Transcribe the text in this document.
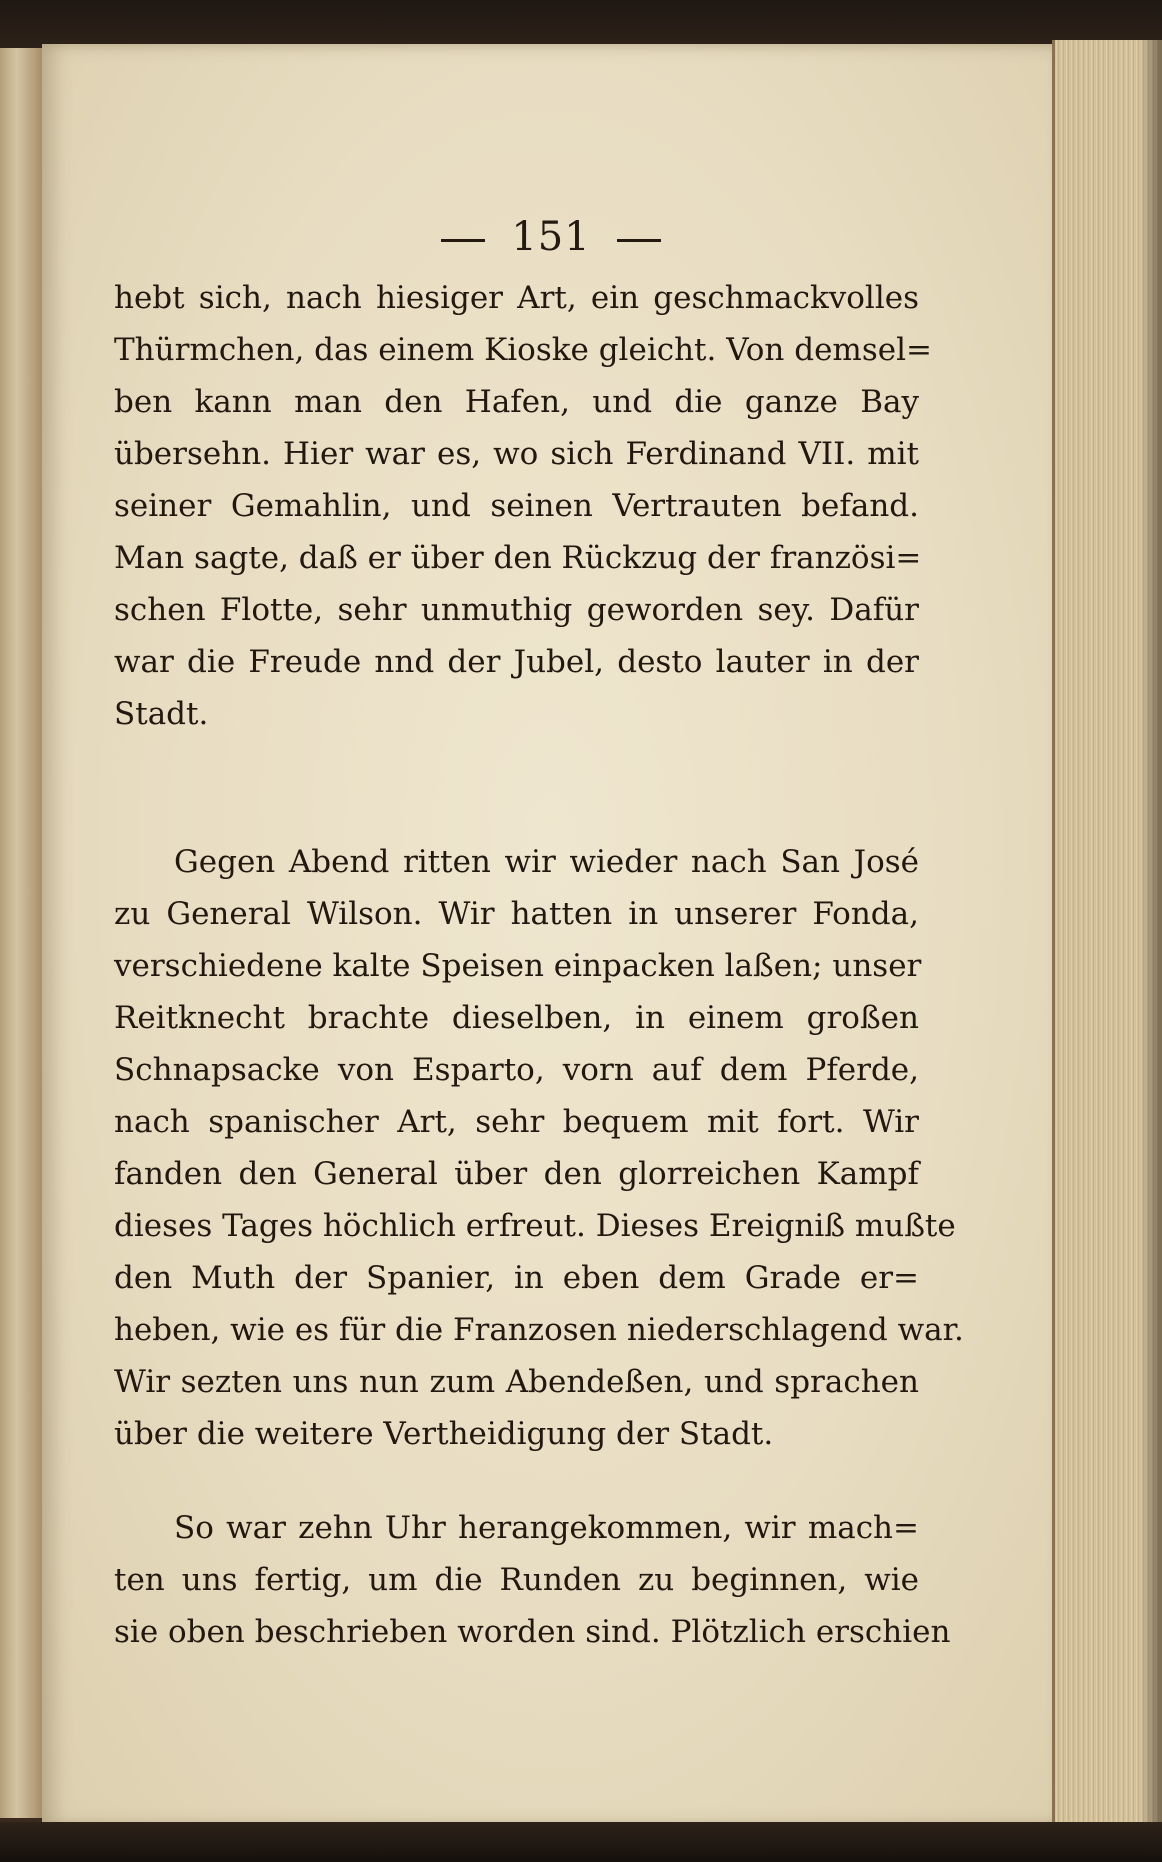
151
hebt sich, nach hiesiger Art, ein geschmackvolles
Thürmchen, das einem Kioske gleicht. Von demsel=
ben kann man den Hafen, und die ganze Bay
übersehn. Hier war es, wo sich Ferdinand VII. mit
seiner Gemahlin, und seinen Vertrauten befand.
Man sagte, daß er über den Rückzug der französi=
schen Flotte, sehr unmuthig geworden sey. Dafür
war die Freude nnd der Jubel, desto lauter in der
Stadt.
Gegen Abend ritten wir wieder nach San José
zu General Wilson. Wir hatten in unserer Fonda,
verschiedene kalte Speisen einpacken laßen; unser
Reitknecht brachte dieselben, in einem großen
Schnapsacke von Esparto, vorn auf dem Pferde,
nach spanischer Art, sehr bequem mit fort. Wir
fanden den General über den glorreichen Kampf
dieses Tages höchlich erfreut. Dieses Ereigniß mußte
den Muth der Spanier, in eben dem Grade er=
heben, wie es für die Franzosen niederschlagend war.
Wir sezten uns nun zum Abendeßen, und sprachen
über die weitere Vertheidigung der Stadt.
So war zehn Uhr herangekommen, wir mach=
ten uns fertig, um die Runden zu beginnen, wie
sie oben beschrieben worden sind. Plötzlich erschien
